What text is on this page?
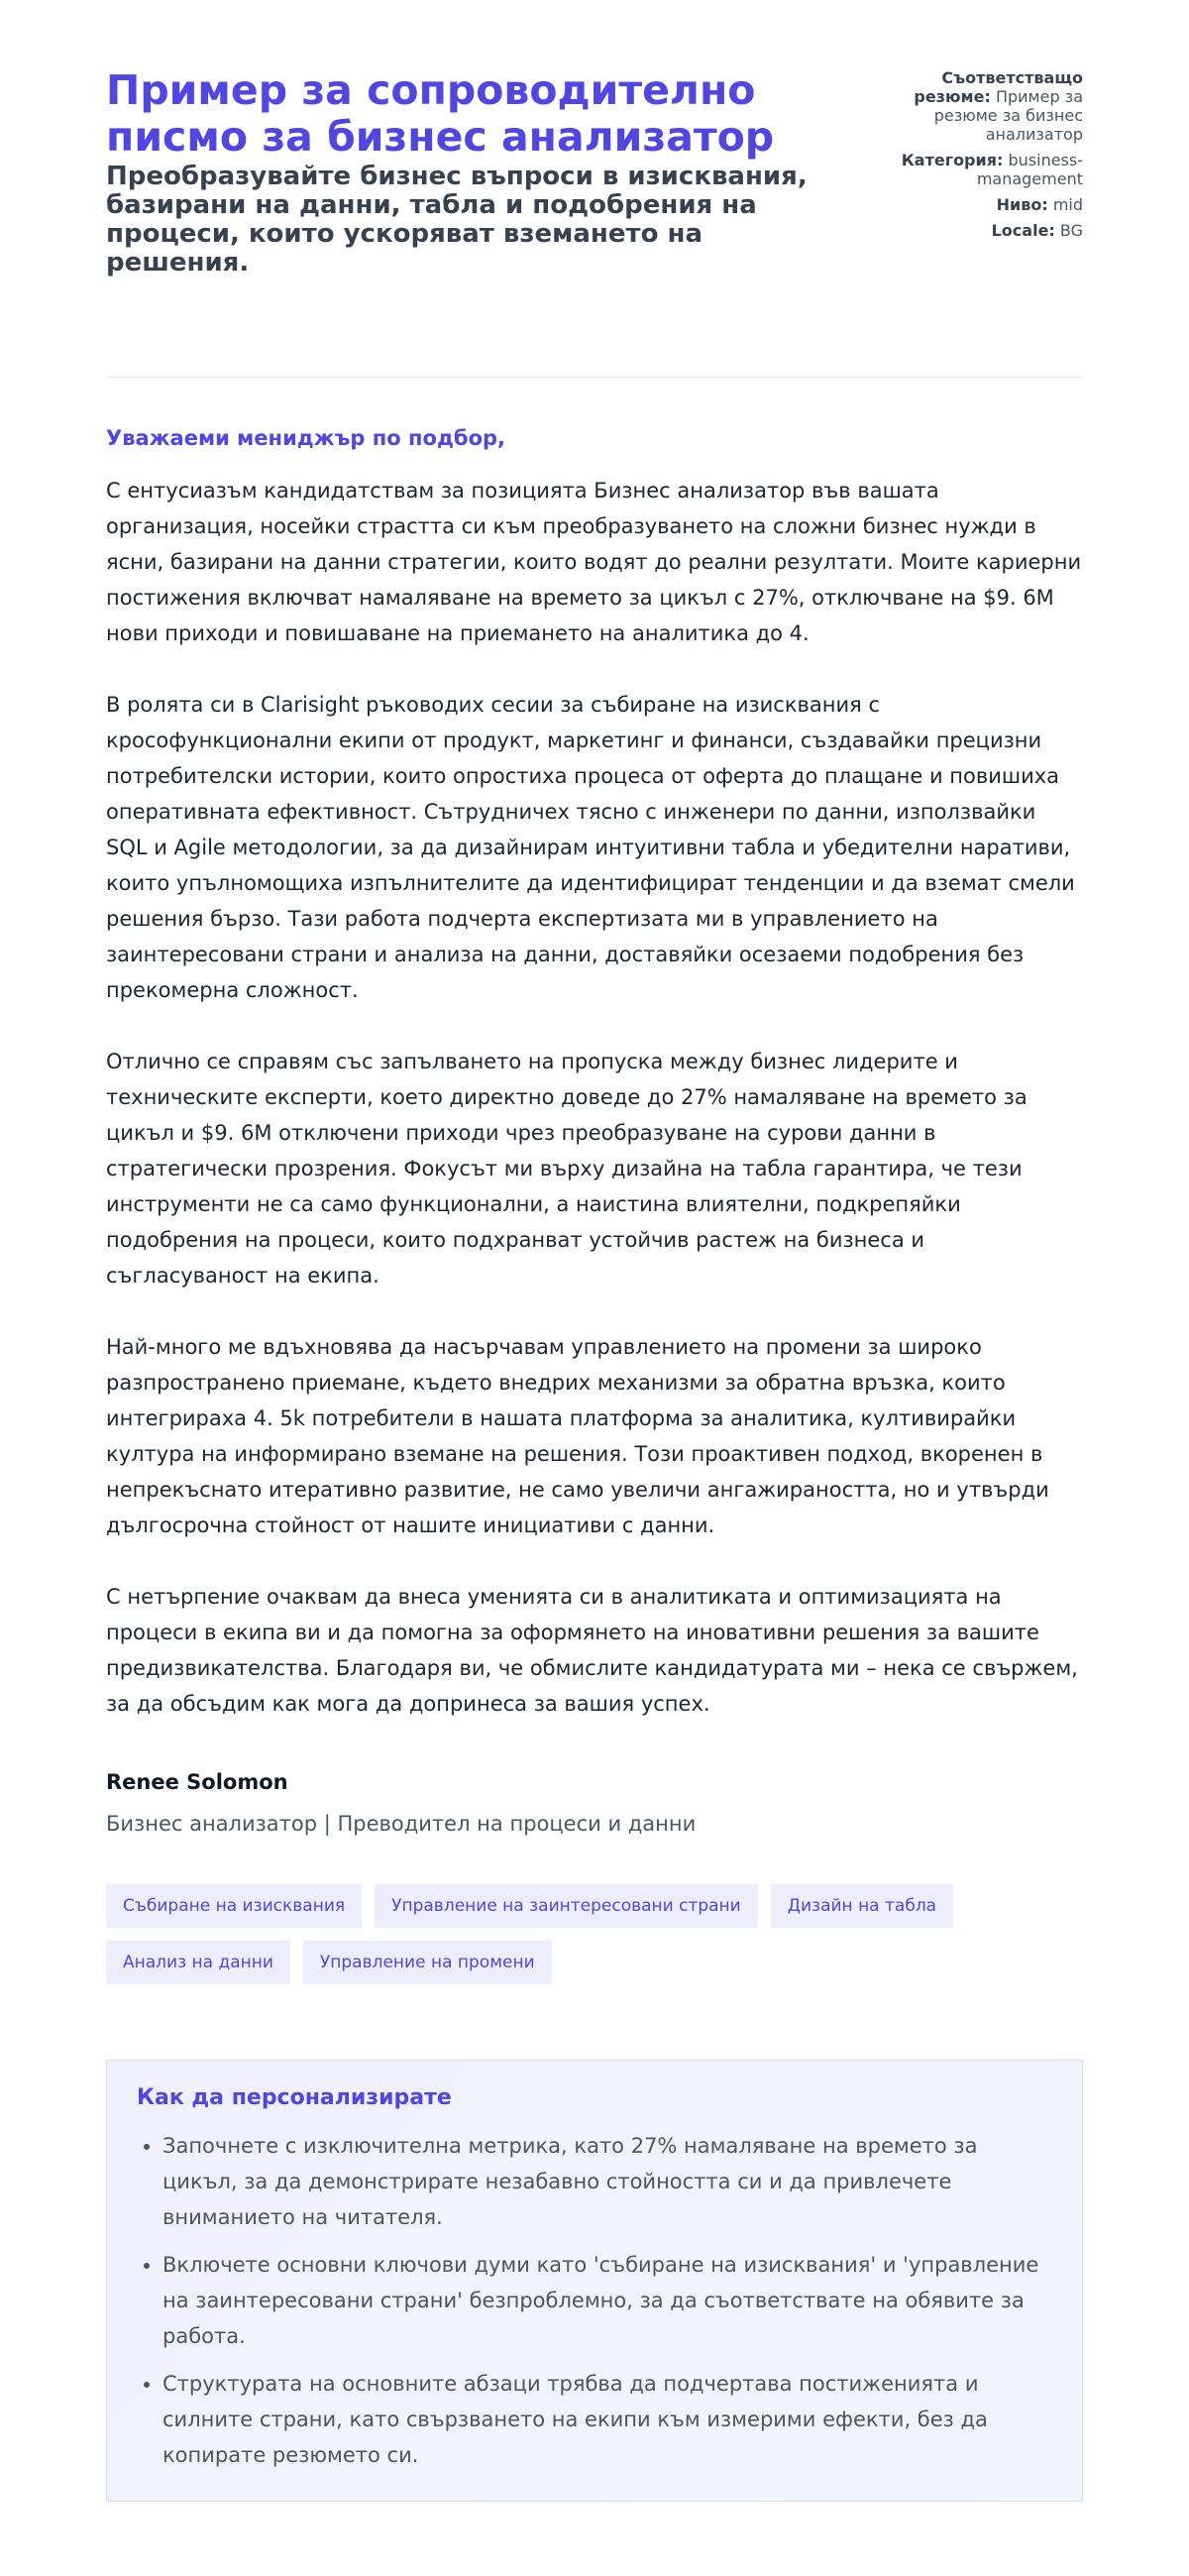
Пример за сопроводително писмо за бизнес анализатор
Преобразувайте бизнес въпроси в изисквания, базирани на данни, табла и подобрения на процеси, които ускоряват вземането на решения.
Съответстващо резюме: Пример за резюме за бизнес анализатор
Категория: business-management
Ниво: mid
Locale: BG
Уважаеми мениджър по подбор,

С ентусиазъм кандидатствам за позицията Бизнес анализатор във вашата организация, носейки страстта си към преобразуването на сложни бизнес нужди в ясни, базирани на данни стратегии, които водят до реални резултати. Моите кариерни постижения включват намаляване на времето за цикъл с 27%, отключване на $9. 6M нови приходи и повишаване на приемането на аналитика до 4.

В ролята си в Clarisight ръководих сесии за събиране на изисквания с крософункционални екипи от продукт, маркетинг и финанси, създавайки прецизни потребителски истории, които опростиха процеса от оферта до плащане и повишиха оперативната ефективност. Сътрудничех тясно с инженери по данни, използвайки SQL и Agile методологии, за да дизайнирам интуитивни табла и убедителни наративи, които упълномощиха изпълнителите да идентифицират тенденции и да вземат смели решения бързо. Тази работа подчерта експертизата ми в управлението на заинтересовани страни и анализа на данни, доставяйки осезаеми подобрения без прекомерна сложност.

Отлично се справям със запълването на пропуска между бизнес лидерите и техническите експерти, което директно доведе до 27% намаляване на времето за цикъл и $9. 6M отключени приходи чрез преобразуване на сурови данни в стратегически прозрения. Фокусът ми върху дизайна на табла гарантира, че тези инструменти не са само функционални, а наистина влиятелни, подкрепяйки подобрения на процеси, които подхранват устойчив растеж на бизнеса и съгласуваност на екипа.

Най-много ме вдъхновява да насърчавам управлението на промени за широко разпространено приемане, където внедрих механизми за обратна връзка, които интегрираха 4. 5k потребители в нашата платформа за аналитика, култивирайки култура на информирано вземане на решения. Този проактивен подход, вкоренен в непрекъснато итеративно развитие, не само увеличи ангажираността, но и утвърди дългосрочна стойност от нашите инициативи с данни.

С нетърпение очаквам да внеса уменията си в аналитиката и оптимизацията на процеси в екипа ви и да помогна за оформянето на иновативни решения за вашите предизвикателства. Благодаря ви, че обмислите кандидатурата ми – нека се свържем, за да обсъдим как мога да допринеса за вашия успех.

Renee Solomon
Бизнес анализатор | Преводител на процеси и данни
Събиране на изисквания	Управление на заинтересовани страни	Дизайн на табла
Анализ на данни	Управление на промени
Как да персонализирате
• Започнете с изключителна метрика, като 27% намаляване на времето за цикъл, за да демонстрирате незабавно стойността си и да привлечете вниманието на читателя.
• Включете основни ключови думи като 'събиране на изисквания' и 'управление на заинтересовани страни' безпроблемно, за да съответствате на обявите за работа.
• Структурата на основните абзаци трябва да подчертава постиженията и силните страни, като свързването на екипи към измерими ефекти, без да копирате резюмето си.
